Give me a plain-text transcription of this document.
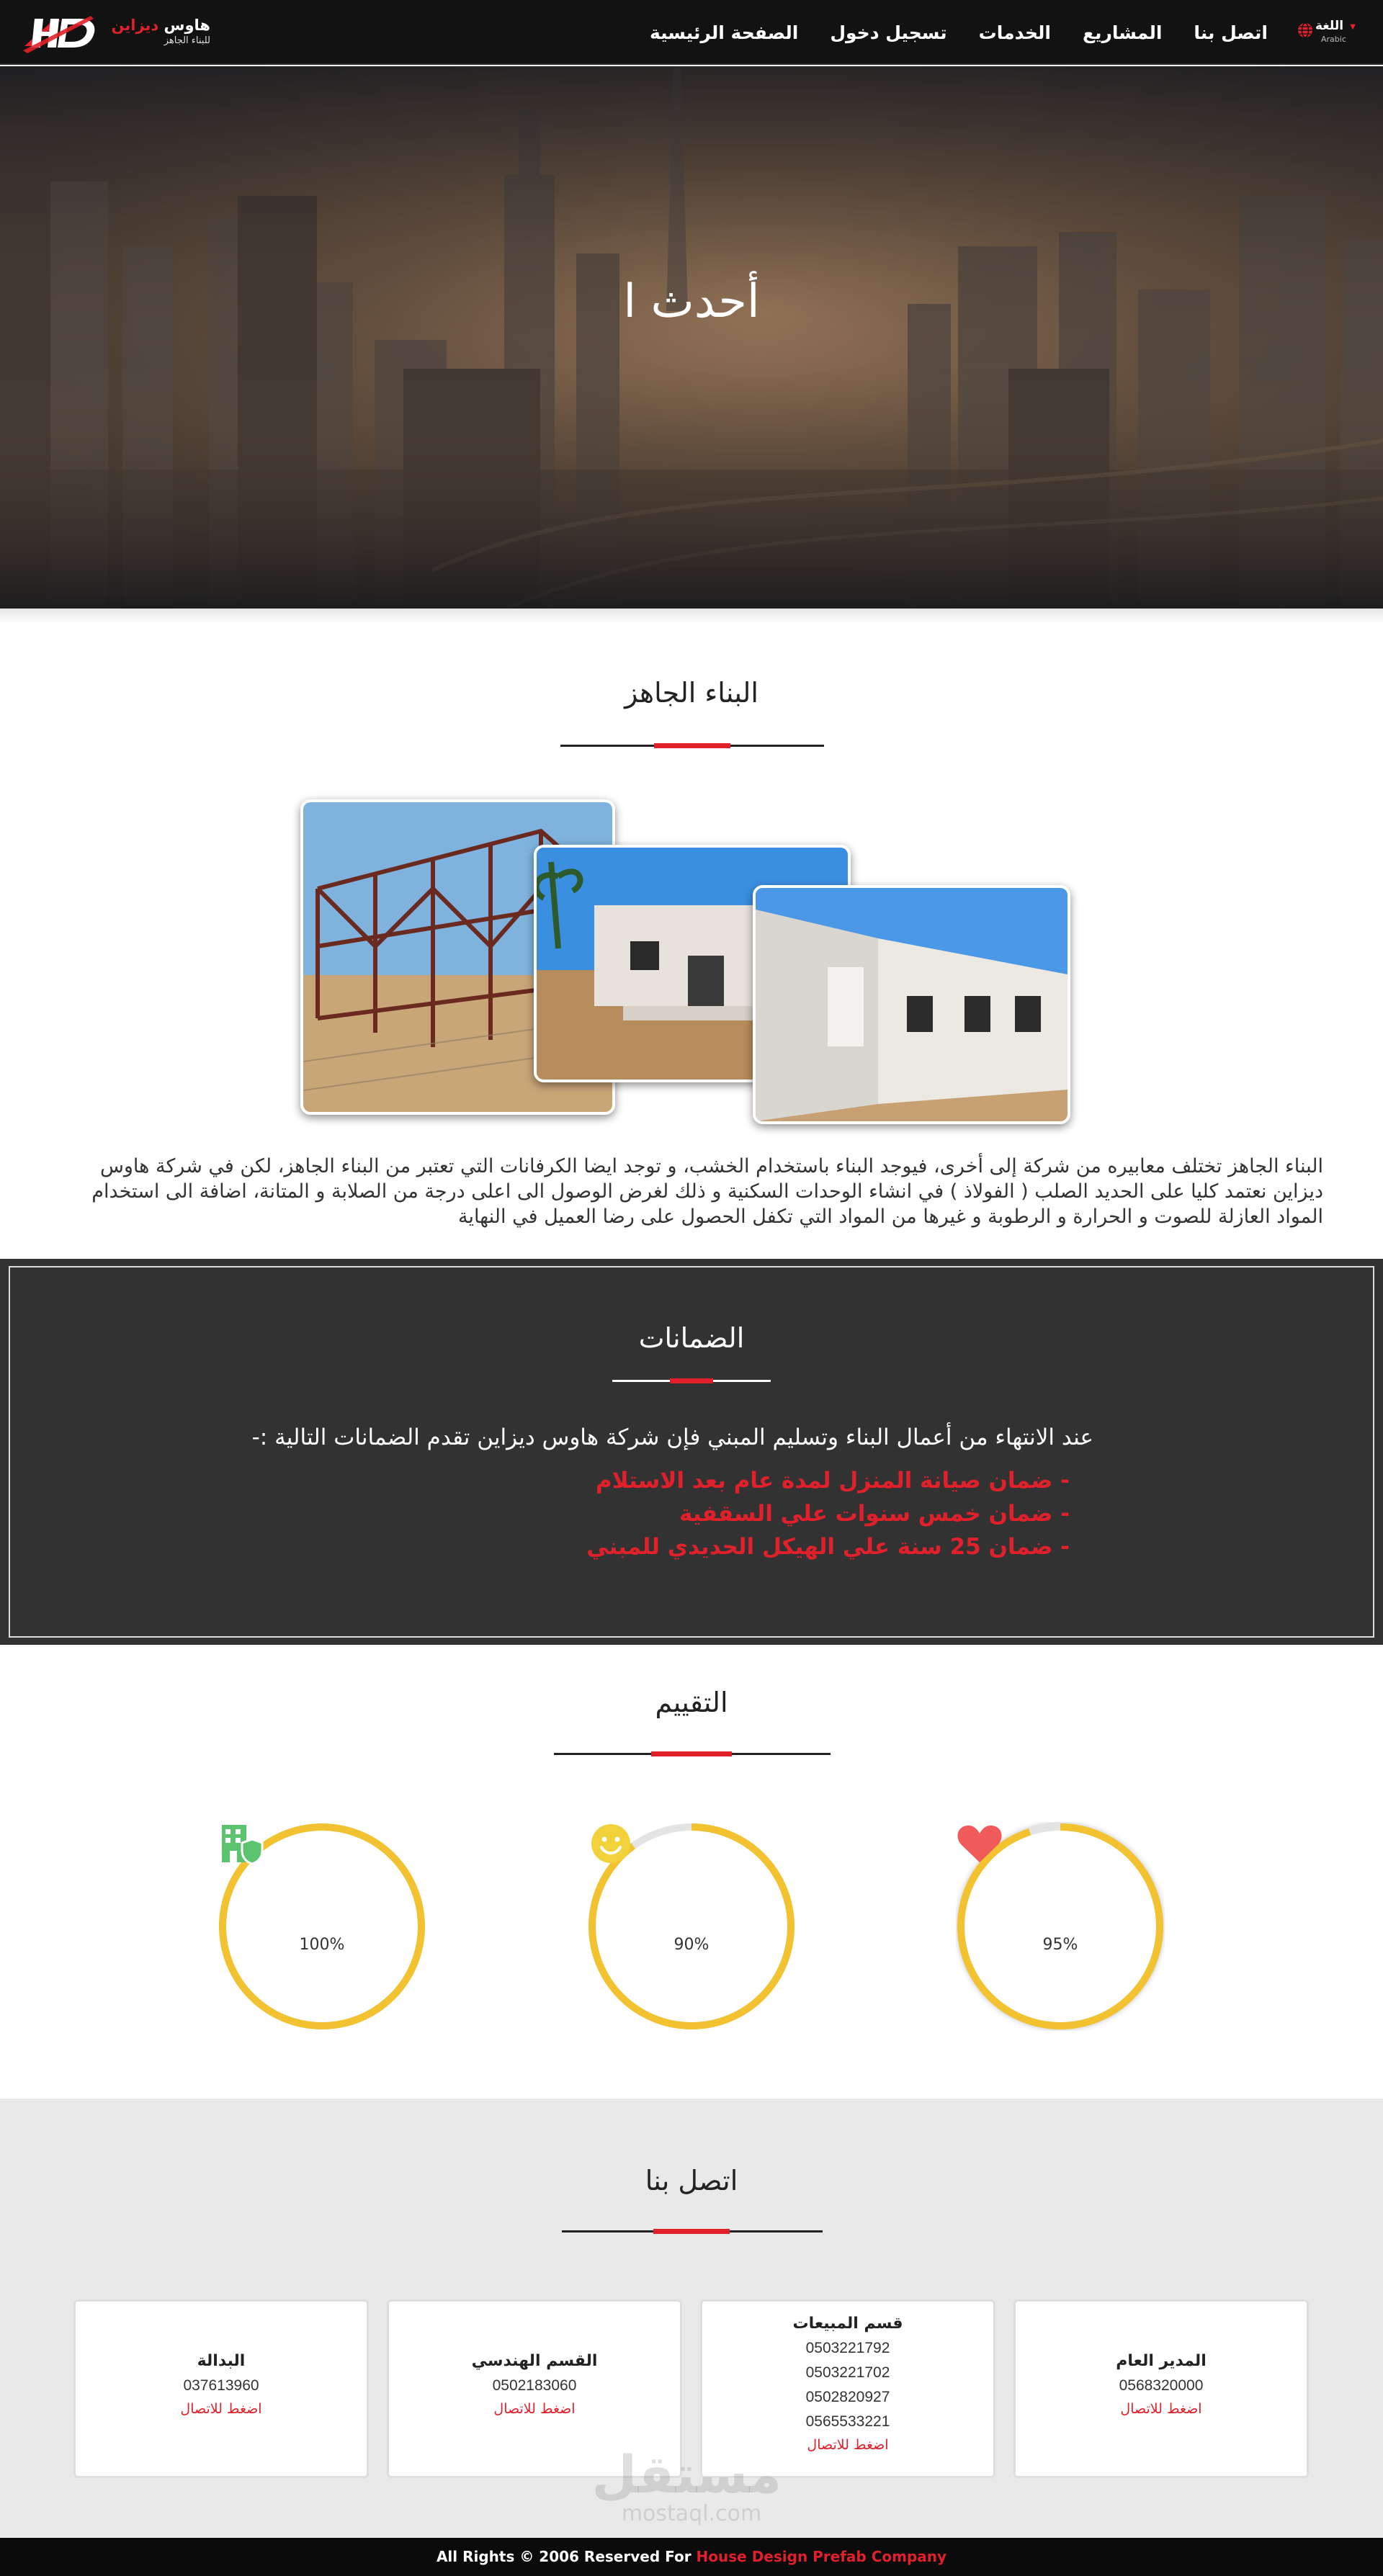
هاوس ديزاين
للبناء الجاهز	الصفحة الرئيسية تسجيل دخول الخدمات المشاريع اتصل بنا	▼
اللغة
Arabic
أحدث ا
البناء الجاهز
البناء الجاهز تختلف معابيره من شركة إلى أخرى، فيوجد البناء باستخدام الخشب، و توجد ايضا الكرفانات التي تعتبر من البناء الجاهز، لكن في شركة هاوس ديزاين نعتمد كليا على الحديد الصلب ( الفولاذ ) في انشاء الوحدات السكنية و ذلك لغرض الوصول الى اعلى درجة من الصلابة و المتانة، اضافة الى استخدام المواد العازلة للصوت و الحرارة و الرطوبة و غيرها من المواد التي تكفل الحصول على رضا العميل في النهاية
الضمانات
عند الانتهاء من أعمال البناء وتسليم المبني فإن شركة هاوس ديزاين تقدم الضمانات التالية :-
- ضمان صيانة المنزل لمدة عام بعد الاستلام
- ضمان خمس سنوات علي السقفية
- ضمان 25 سنة علي الهيكل الحديدي للمبني
التقييم
95%
90%
100%
اتصل بنا
المدير العام
0568320000
اضغط للاتصال
قسم المبيعات
0503221792
0503221702
0502820927
0565533221
اضغط للاتصال
القسم الهندسي
0502183060
اضغط للاتصال
البدالة
037613960
اضغط للاتصال
مستقل
mostaql.com
All Rights © 2006 Reserved For House Design Prefab Company
